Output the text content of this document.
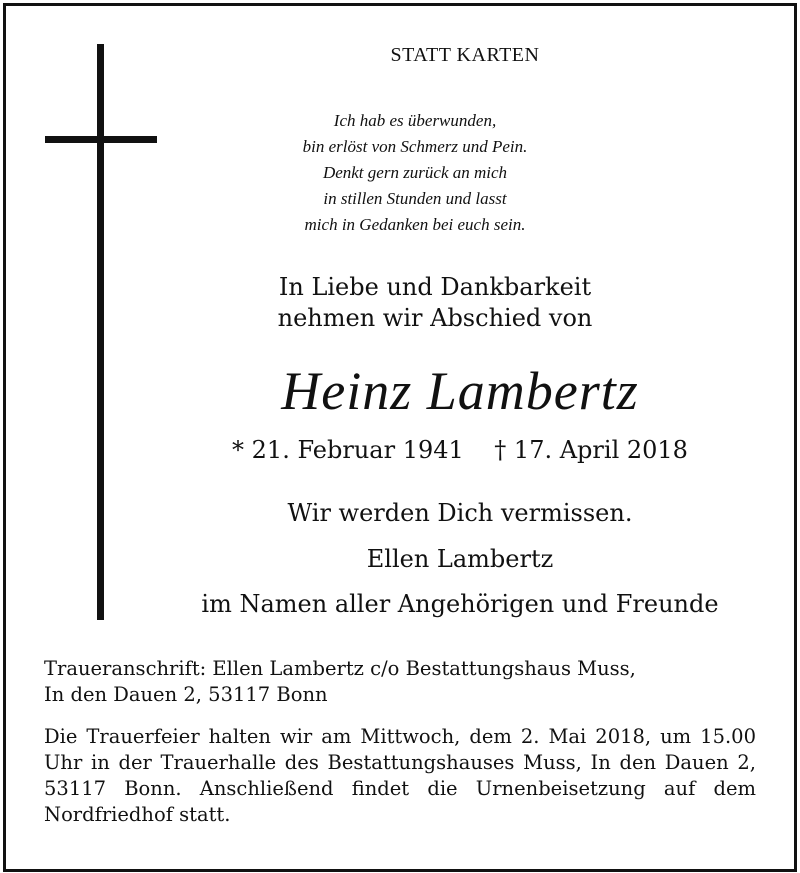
STATT KARTEN
Ich hab es überwunden,
bin erlöst von Schmerz und Pein.
Denkt gern zurück an mich
in stillen Stunden und lasst
mich in Gedanken bei euch sein.
In Liebe und Dankbarkeit
nehmen wir Abschied von
Heinz Lambertz
* 21. Februar 1941 † 17. April 2018
Wir werden Dich vermissen.
Ellen Lambertz
im Namen aller Angehörigen und Freunde
Traueranschrift: Ellen Lambertz c/o Bestattungshaus Muss,
In den Dauen 2, 53117 Bonn
Die Trauerfeier halten wir am Mittwoch, dem 2. Mai 2018, um 15.00 Uhr in der Trauerhalle des Bestattungshauses Muss, In den Dauen 2, 53117 Bonn. Anschließend findet die Urnenbeisetzung auf dem Nordfriedhof statt.
